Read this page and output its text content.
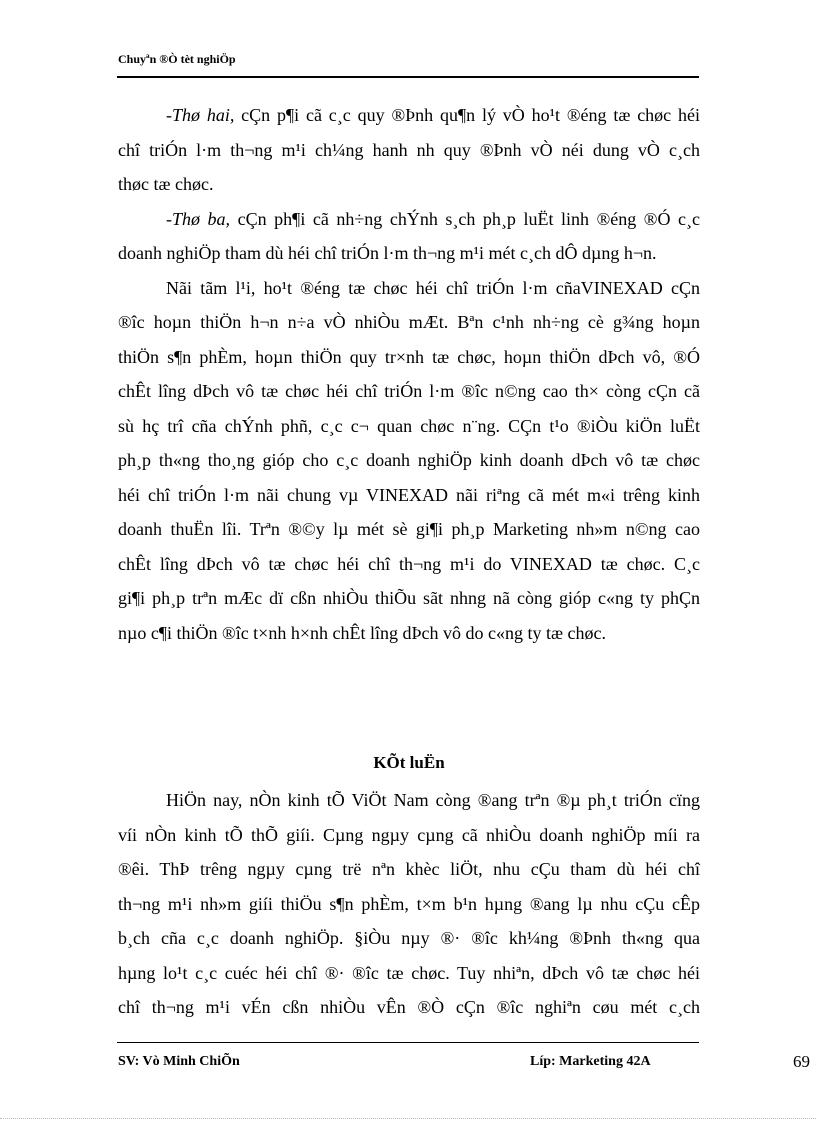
Chuyªn ®Ò tèt nghiÖp
-Thø hai, cÇn p¶i cã c¸c quy ®Þnh qu¶n lý vÒ ho¹t ®éng tæ chøc héi
chî triÓn l·m th¬ng m¹i ch¼ng hanh nh quy ®Þnh vÒ néi dung vÒ c¸ch
thøc tæ chøc.
-Thø ba, cÇn ph¶i cã nh÷ng chÝnh s¸ch ph¸p luËt linh ®éng ®Ó c¸c
doanh nghiÖp tham dù héi chî triÓn l·m th¬ng m¹i mét c¸ch dÔ dµng h¬n.
Nãi tãm l¹i, ho¹t ®éng tæ chøc héi chî triÓn l·m cñaVINEXAD cÇn
®îc hoµn thiÖn h¬n n÷a vÒ nhiÒu mÆt. Bªn c¹nh nh÷ng cè g¾ng hoµn
thiÖn s¶n phÈm, hoµn thiÖn quy tr×nh tæ chøc, hoµn thiÖn dÞch vô, ®Ó
chÊt lîng dÞch vô tæ chøc héi chî triÓn l·m ®îc n©ng cao th× còng cÇn cã
sù hç trî cña chÝnh phñ, c¸c c¬ quan chøc n¨ng. CÇn t¹o ®iÒu kiÖn luËt
ph¸p th«ng tho¸ng gióp cho c¸c doanh nghiÖp kinh doanh dÞch vô tæ chøc
héi chî triÓn l·m nãi chung vµ VINEXAD nãi riªng cã mét m«i trêng kinh
doanh thuËn lîi. Trªn ®©y lµ mét sè gi¶i ph¸p Marketing nh»m n©ng cao
chÊt lîng dÞch vô tæ chøc héi chî th¬ng m¹i do VINEXAD tæ chøc. C¸c
gi¶i ph¸p trªn mÆc dï cßn nhiÒu thiÕu sãt nhng nã còng gióp c«ng ty phÇn
nµo c¶i thiÖn ®îc t×nh h×nh chÊt lîng dÞch vô do c«ng ty tæ chøc.
KÕt luËn
HiÖn nay, nÒn kinh tÕ ViÖt Nam còng ®ang trªn ®µ ph¸t triÓn cïng
víi nÒn kinh tÕ thÕ giíi. Cµng ngµy cµng cã nhiÒu doanh nghiÖp míi ra
®êi. ThÞ trêng ngµy cµng trë nªn khèc liÖt, nhu cÇu tham dù héi chî
th¬ng m¹i nh»m giíi thiÖu s¶n phÈm, t×m b¹n hµng ®ang lµ nhu cÇu cÊp
b¸ch cña c¸c doanh nghiÖp. §iÒu nµy ®· ®îc kh¼ng ®Þnh th«ng qua
hµng lo¹t c¸c cuéc héi chî ®· ®îc tæ chøc. Tuy nhiªn, dÞch vô tæ chøc héi
chî th¬ng m¹i vÉn cßn nhiÒu vÊn ®Ò cÇn ®îc nghiªn cøu mét c¸ch
SV: Vò Minh ChiÕn	Líp: Marketing 42A	69
